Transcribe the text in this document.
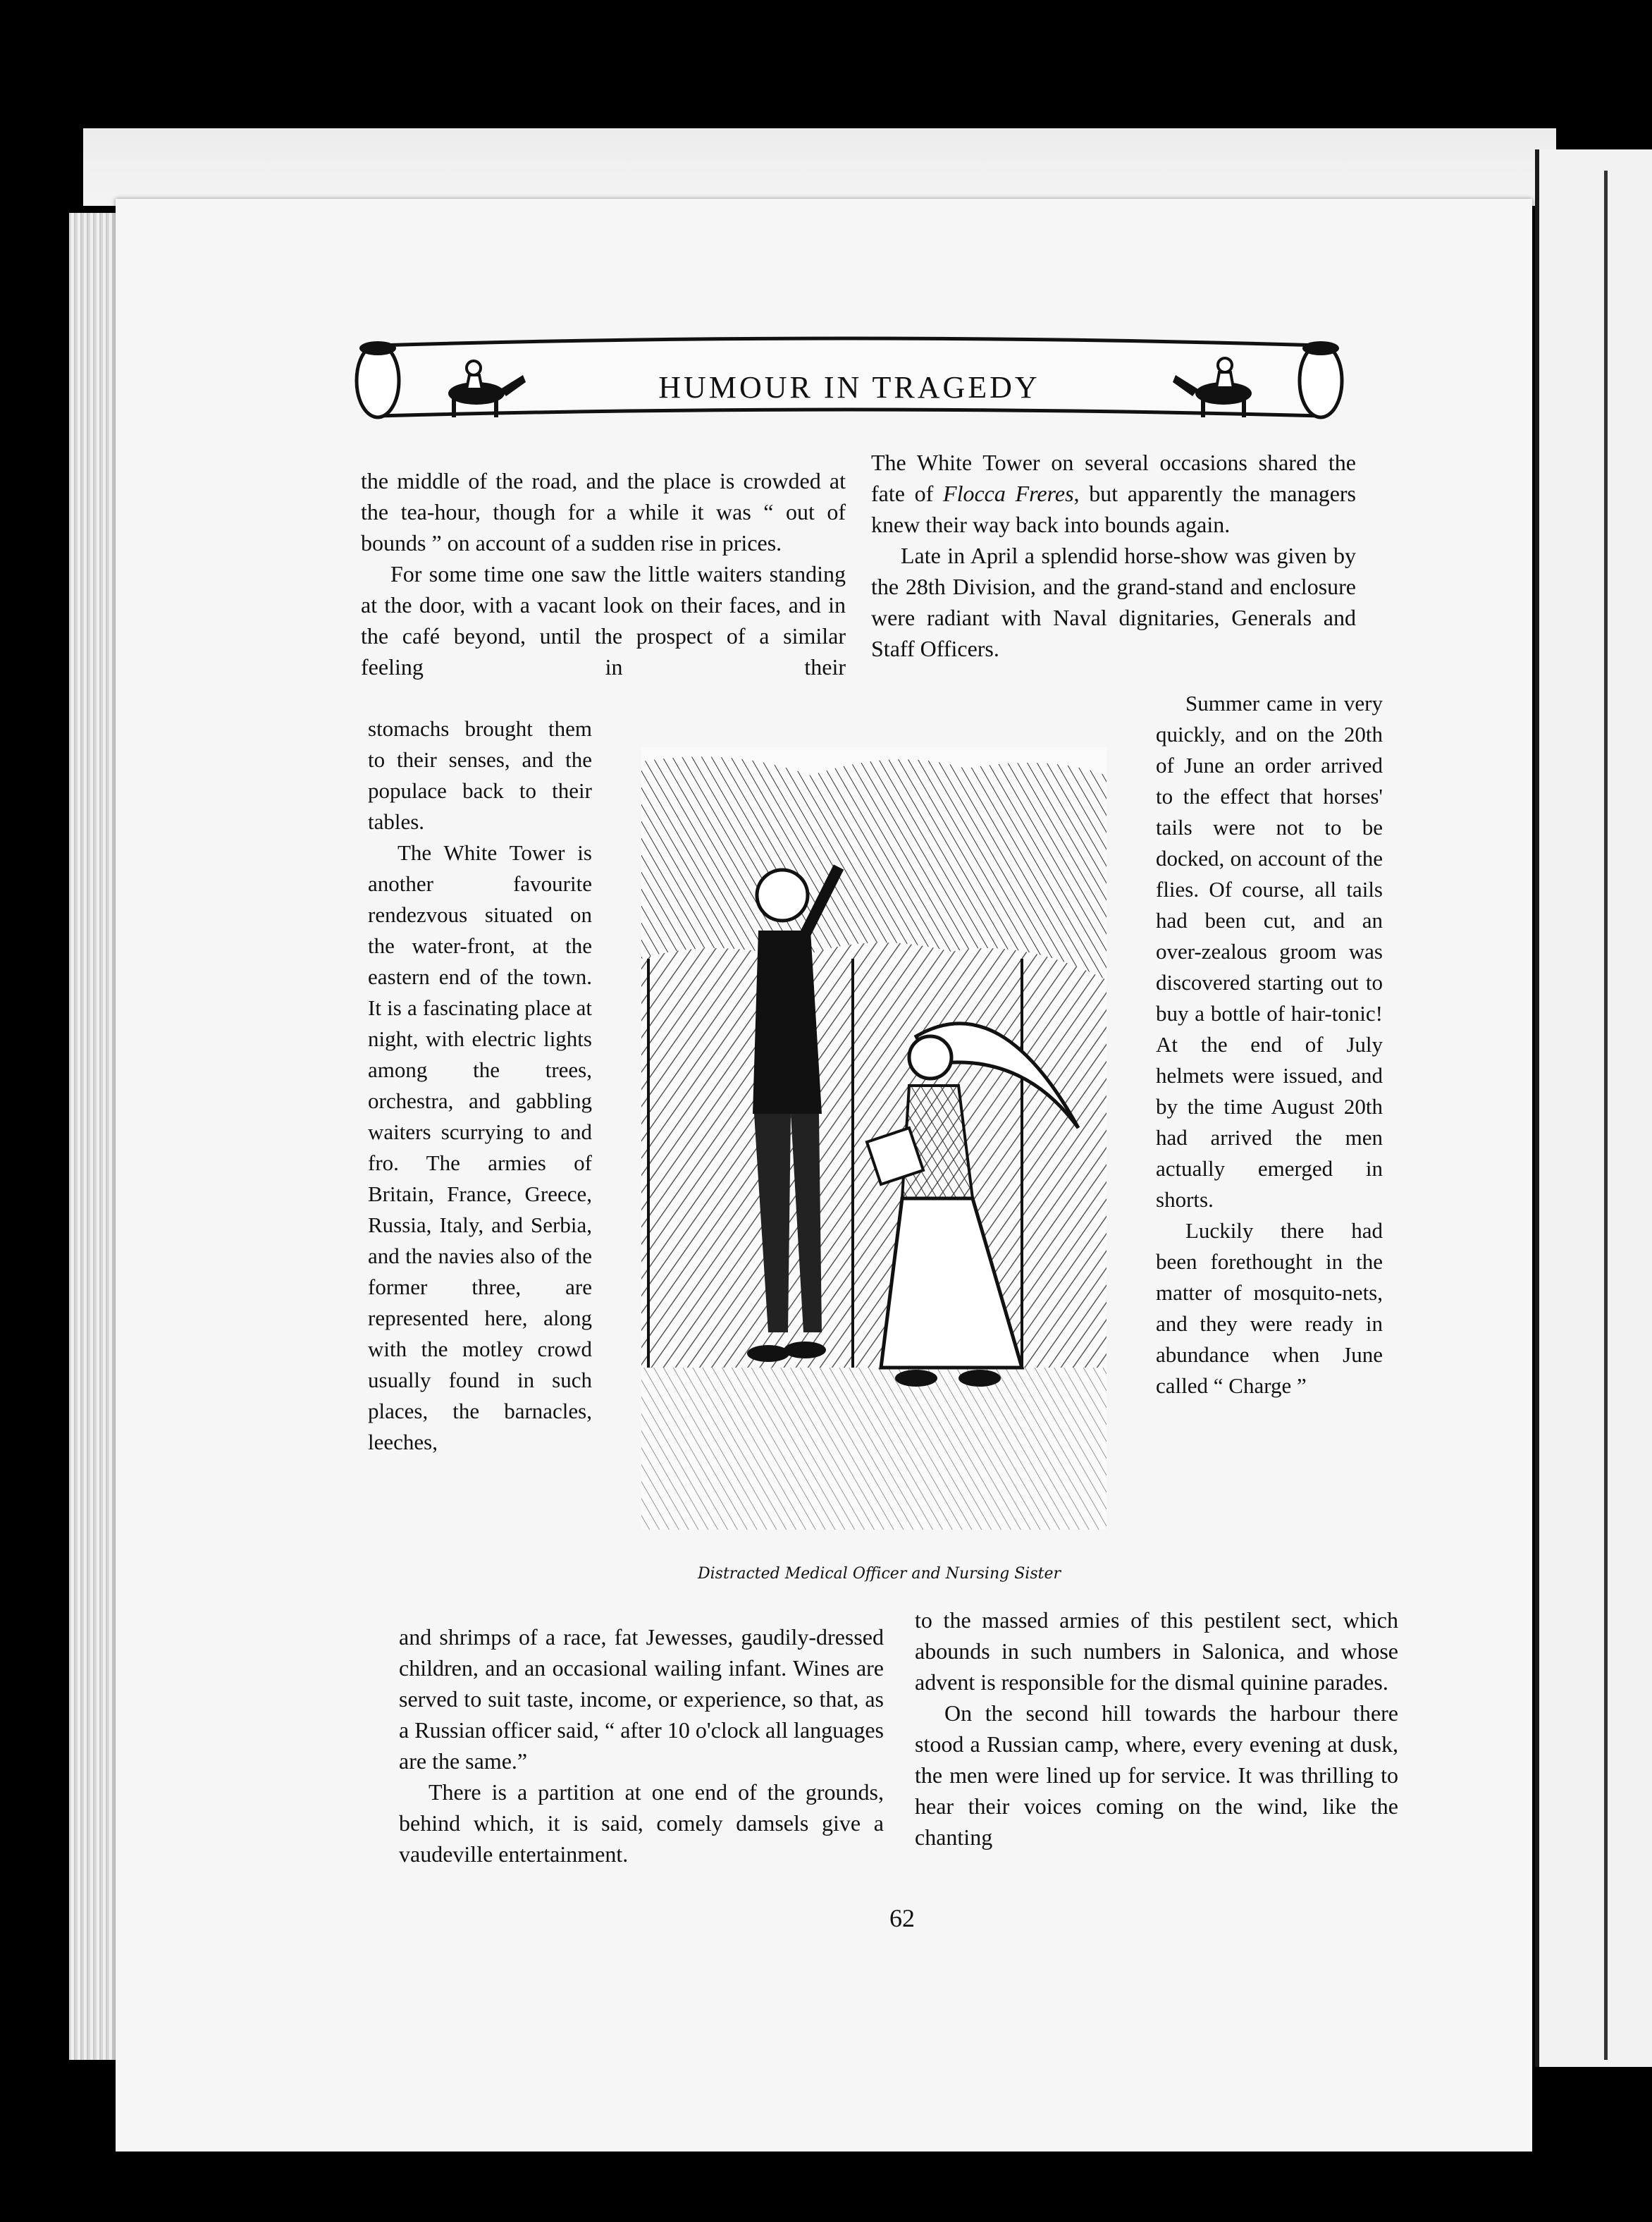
HUMOUR IN TRAGEDY

the middle of the road, and the place is crowded at the tea-hour, though for a while it was “ out of bounds ” on account of a sudden rise in prices.

For some time one saw the little waiters standing at the door, with a vacant look on their faces, and in the café beyond, until the prospect of a similar feeling in their

The White Tower on several occasions shared the fate of Flocca Freres, but apparently the managers knew their way back into bounds again.

Late in April a splendid horse-show was given by the 28th Division, and the grand-stand and enclosure were radiant with Naval dignitaries, Generals and Staff Officers.

stomachs brought them to their senses, and the populace back to their tables.

The White Tower is another favourite rendezvous situated on the water-front, at the eastern end of the town. It is a fascinating place at night, with electric lights among the trees, orchestra, and gabbling waiters scurrying to and fro. The armies of Britain, France, Greece, Russia, Italy, and Serbia, and the navies also of the former three, are represented here, along with the motley crowd usually found in such places, the barnacles, leeches,

Summer came in very quickly, and on the 20th of June an order arrived to the effect that horses' tails were not to be docked, on account of the flies. Of course, all tails had been cut, and an over-zealous groom was discovered starting out to buy a bottle of hair-tonic! At the end of July helmets were issued, and by the time August 20th had arrived the men actually emerged in shorts.

Luckily there had been forethought in the matter of mosquito-nets, and they were ready in abundance when June called “ Charge ”

Distracted Medical Officer and Nursing Sister

and shrimps of a race, fat Jewesses, gaudily-dressed children, and an occasional wailing infant. Wines are served to suit taste, income, or experience, so that, as a Russian officer said, “ after 10 o'clock all languages are the same.”

There is a partition at one end of the grounds, behind which, it is said, comely damsels give a vaudeville entertainment.

to the massed armies of this pestilent sect, which abounds in such numbers in Salonica, and whose advent is responsible for the dismal quinine parades.

On the second hill towards the harbour there stood a Russian camp, where, every evening at dusk, the men were lined up for service. It was thrilling to hear their voices coming on the wind, like the chanting

62
